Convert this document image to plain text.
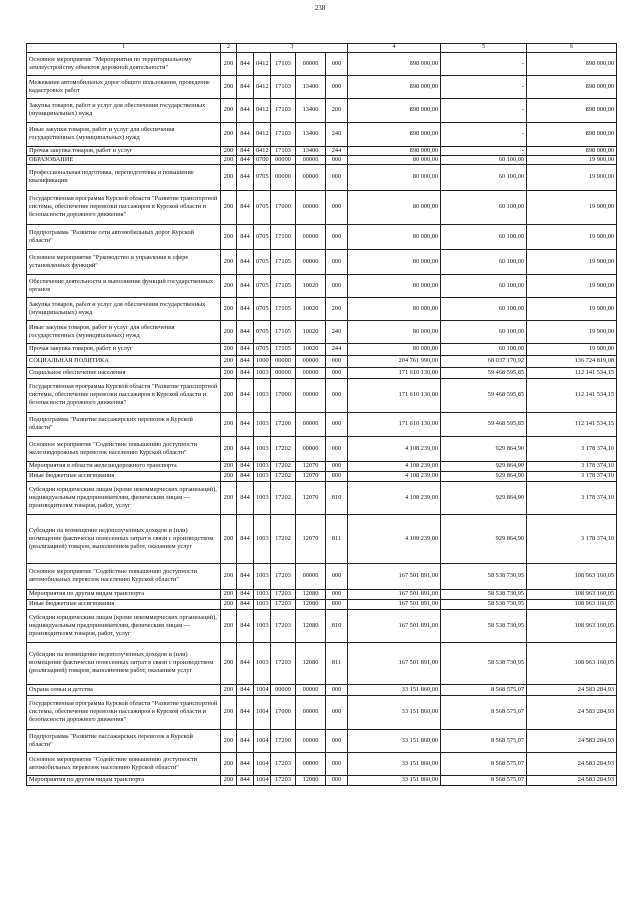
238
1	2	3					4	5	6
Основное мероприятие "Мероприятия по территориальному землеустройству объектов дорожной деятельности"	200	844	0412	17103	00000	000	898 000,00	-	898 000,00
Межевание автомобильных дорог общего пользования, проведение кадастровых работ	200	844	0412	17103	13400	000	898 000,00	-	898 000,00
Закупка товаров, работ и услуг для обеспечения государственных (муниципальных) нужд	200	844	0412	17103	13400	200	898 000,00	-	898 000,00
Иные закупки товаров, работ и услуг для обеспечения государственных (муниципальных) нужд	200	844	0412	17103	13400	240	898 000,00	-	898 000,00
Прочая закупка товаров, работ и услуг	200	844	0412	17103	13400	244	898 000,00	-	898 000,00
ОБРАЗОВАНИЕ	200	844	0700	00000	00000	000	80 000,00	60 100,00	19 900,00
Профессиональная подготовка, переподготовка и повышение квалификации	200	844	0705	00000	00000	000	80 000,00	60 100,00	19 900,00
Государственная программа Курской области "Развитие транспортной системы, обеспечение перевозки пассажиров в Курской области и безопасности дорожного движения"	200	844	0705	17000	00000	000	80 000,00	60 100,00	19 900,00
Подпрограмма "Развитие сети автомобильных дорог Курской области"	200	844	0705	17100	00000	000	80 000,00	60 100,00	19 900,00
Основное мероприятие "Руководство и управление в сфере установленных функций"	200	844	0705	17105	00000	000	80 000,00	60 100,00	19 900,00
Обеспечение деятельности и выполнение функций государственных органов	200	844	0705	17105	10020	000	80 000,00	60 100,00	19 900,00
Закупка товаров, работ и услуг для обеспечения государственных (муниципальных) нужд	200	844	0705	17105	10020	200	80 000,00	60 100,00	19 900,00
Иные закупки товаров, работ и услуг для обеспечения государственных (муниципальных) нужд	200	844	0705	17105	10020	240	80 000,00	60 100,00	19 900,00
Прочая закупка товаров, работ и услуг	200	844	0705	17105	10020	244	80 000,00	60 100,00	19 900,00
СОЦИАЛЬНАЯ ПОЛИТИКА	200	844	1000	00000	00000	000	204 761 990,00	68 037 170,92	136 724 819,08
Социальное обеспечение населения	200	844	1003	00000	00000	000	171 610 130,00	59 468 595,85	112 141 534,15
Государственная программа Курской области "Развитие транспортной системы, обеспечение перевозки пассажиров в Курской области и безопасности дорожного движения"	200	844	1003	17000	00000	000	171 610 130,00	59 468 595,85	112 141 534,15
Подпрограмма "Развитие пассажирских перевозок в Курской области"	200	844	1003	17200	00000	000	171 610 130,00	59 468 595,85	112 141 534,15
Основное мероприятие "Содействие повышению доступности железнодорожных перевозок населению Курской области"	200	844	1003	17202	00000	000	4 108 239,00	929 864,90	3 178 374,10
Мероприятия в области железнодорожного транспорта	200	844	1003	17202	12070	000	4 108 239,00	929 864,90	3 178 374,10
Иные бюджетные ассигнования	200	844	1003	17202	12070	800	4 108 239,00	929 864,90	3 178 374,10
Субсидии юридическим лицам (кроме некоммерческих организаций), индивидуальным предпринимателям, физическим лицам — производителям товаров, работ, услуг	200	844	1003	17202	12070	810	4 108 239,00	929 864,90	3 178 374,10
Субсидии на возмещение недополученных доходов и (или) возмещение фактически понесенных затрат в связи с производством (реализацией) товаров, выполнением работ, оказанием услуг	200	844	1003	17202	12070	811	4 108 239,00	929 864,90	3 178 374,10
Основное мероприятие "Содействие повышению доступности автомобильных перевозок населению Курской области"	200	844	1003	17203	00000	000	167 501 891,00	58 538 730,95	108 963 160,05
Мероприятия по другим видам транспорта	200	844	1003	17203	12080	000	167 501 891,00	58 538 730,95	108 963 160,05
Иные бюджетные ассигнования	200	844	1003	17203	12080	800	167 501 891,00	58 538 730,95	108 963 160,05
Субсидии юридическим лицам (кроме некоммерческих организаций), индивидуальным предпринимателям, физическим лицам — производителям товаров, работ, услуг	200	844	1003	17203	12080	810	167 501 891,00	58 538 730,95	108 963 160,05
Субсидии на возмещение недополученных доходов и (или) возмещение фактически понесенных затрат в связи с производством (реализацией) товаров, выполнением работ, оказанием услуг	200	844	1003	17203	12080	811	167 501 891,00	58 538 730,95	108 963 160,05
Охрана семьи и детства	200	844	1004	00000	00000	000	33 151 860,00	8 568 575,07	24 583 284,93
Государственная программа Курской области "Развитие транспортной системы, обеспечение перевозки пассажиров в Курской области и безопасности дорожного движения"	200	844	1004	17000	00000	000	33 151 860,00	8 568 575,07	24 583 284,93
Подпрограмма "Развитие пассажирских перевозок в Курской области"	200	844	1004	17200	00000	000	33 151 860,00	8 568 575,07	24 583 284,93
Основное мероприятие "Содействие повышению доступности автомобильных перевозок населению Курской области"	200	844	1004	17203	00000	000	33 151 860,00	8 568 575,07	24 583 284,93
Мероприятия по другим видам транспорта	200	844	1004	17203	12080	000	33 151 860,00	8 568 575,07	24 583 284,93
